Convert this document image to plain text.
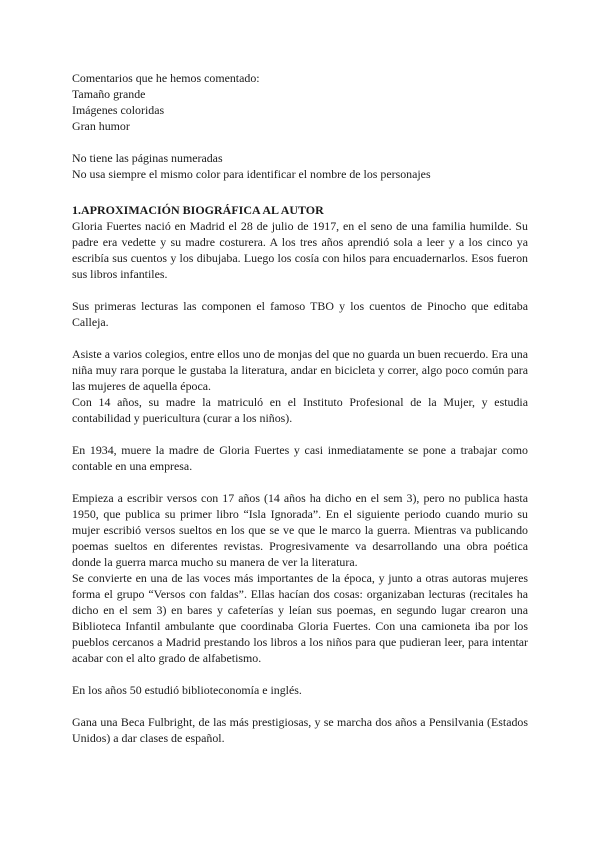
Comentarios que he hemos comentado:
Tamaño grande
Imágenes coloridas
Gran humor
No tiene las páginas numeradas
No usa siempre el mismo color para identificar el nombre de los personajes
1.APROXIMACIÓN BIOGRÁFICA AL AUTOR

Gloria Fuertes nació en Madrid el 28 de julio de 1917, en el seno de una familia humilde. Su padre era vedette y su madre costurera. A los tres años aprendió sola a leer y a los cinco ya escribía sus cuentos y los dibujaba. Luego los cosía con hilos para encuadernarlos. Esos fueron sus libros infantiles.

Sus primeras lecturas las componen el famoso TBO y los cuentos de Pinocho que editaba Calleja.

Asiste a varios colegios, entre ellos uno de monjas del que no guarda un buen recuerdo. Era una niña muy rara porque le gustaba la literatura, andar en bicicleta y correr, algo poco común para las mujeres de aquella época.

Con 14 años, su madre la matriculó en el Instituto Profesional de la Mujer, y estudia contabilidad y puericultura (curar a los niños).

En 1934, muere la madre de Gloria Fuertes y casi inmediatamente se pone a trabajar como contable en una empresa.

Empieza a escribir versos con 17 años (14 años ha dicho en el sem 3), pero no publica hasta 1950, que publica su primer libro “Isla Ignorada”. En el siguiente periodo cuando murio su mujer escribió versos sueltos en los que se ve que le marco la guerra. Mientras va publicando poemas sueltos en diferentes revistas. Progresivamente va desarrollando una obra poética donde la guerra marca mucho su manera de ver la literatura.

Se convierte en una de las voces más importantes de la época, y junto a otras autoras mujeres forma el grupo “Versos con faldas”. Ellas hacían dos cosas: organizaban lecturas (recitales ha dicho en el sem 3) en bares y cafeterías y leían sus poemas, en segundo lugar crearon una Biblioteca Infantil ambulante que coordinaba Gloria Fuertes. Con una camioneta iba por los pueblos cercanos a Madrid prestando los libros a los niños para que pudieran leer, para intentar acabar con el alto grado de alfabetismo.

En los años 50 estudió biblioteconomía e inglés.

Gana una Beca Fulbright, de las más prestigiosas, y se marcha dos años a Pensilvania (Estados Unidos) a dar clases de español.
